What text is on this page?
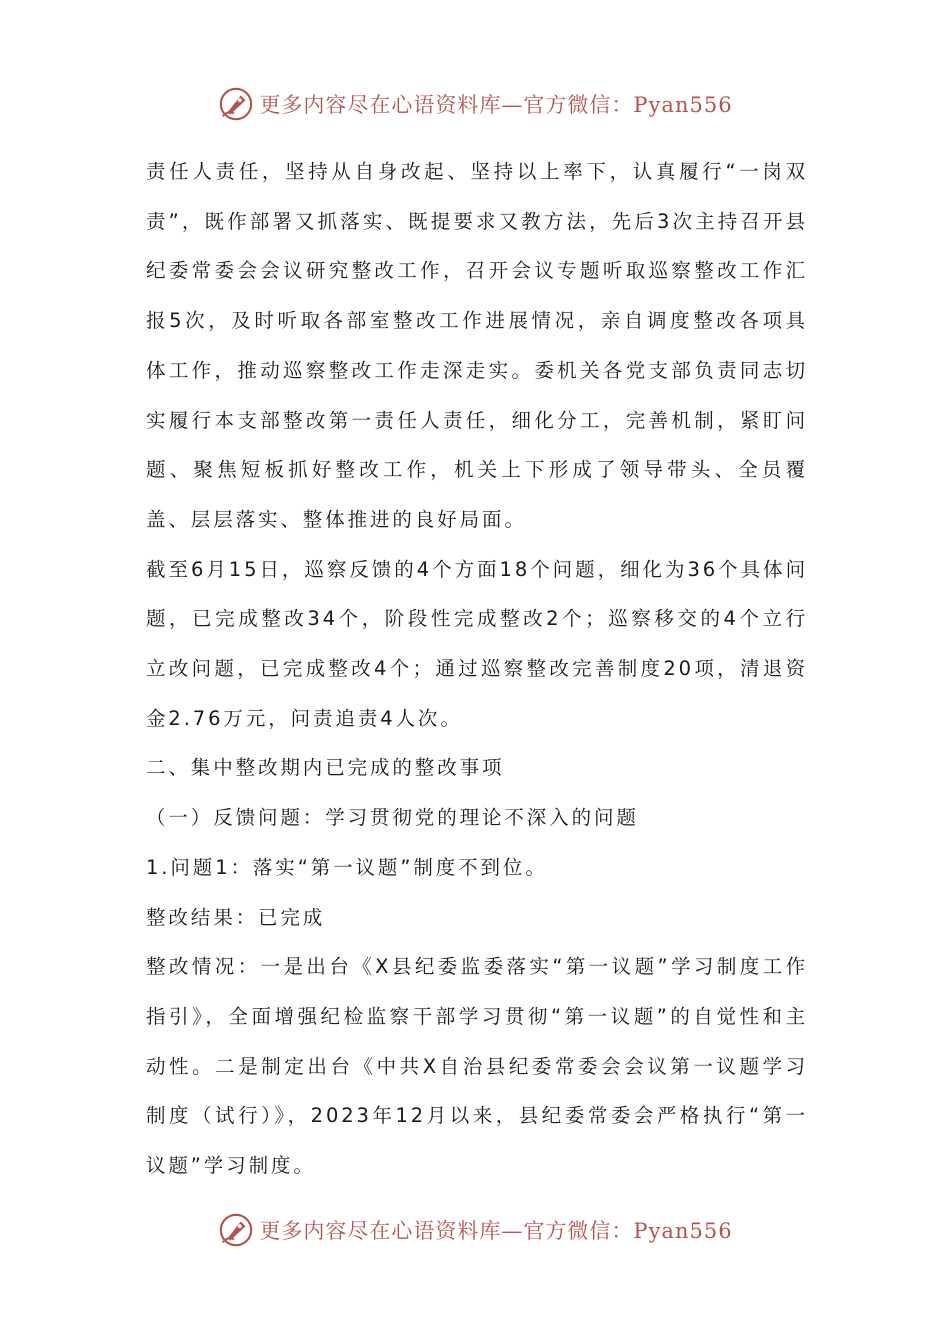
更多内容尽在心语资料库—官方微信：Pyan556

责任人责任，坚持从自身改起、坚持以上率下，认真履行“一岗双责”，既作部署又抓落实、既提要求又教方法，先后3次主持召开县纪委常委会会议研究整改工作，召开会议专题听取巡察整改工作汇报5次，及时听取各部室整改工作进展情况，亲自调度整改各项具体工作，推动巡察整改工作走深走实。委机关各党支部负责同志切实履行本支部整改第一责任人责任，细化分工，完善机制，紧盯问题、聚焦短板抓好整改工作，机关上下形成了领导带头、全员覆盖、层层落实、整体推进的良好局面。

截至6月15日，巡察反馈的4个方面18个问题，细化为36个具体问题，已完成整改34个，阶段性完成整改2个；巡察移交的4个立行立改问题，已完成整改4个；通过巡察整改完善制度20项，清退资金2.76万元，问责追责4人次。

二、集中整改期内已完成的整改事项

（一）反馈问题：学习贯彻党的理论不深入的问题

1.问题1：落实“第一议题”制度不到位。

整改结果：已完成

整改情况：一是出台《X县纪委监委落实“第一议题”学习制度工作指引》，全面增强纪检监察干部学习贯彻“第一议题”的自觉性和主动性。二是制定出台《中共X自治县纪委常委会会议第一议题学习制度（试行）》，2023年12月以来，县纪委常委会严格执行“第一议题”学习制度。

更多内容尽在心语资料库—官方微信：Pyan556
